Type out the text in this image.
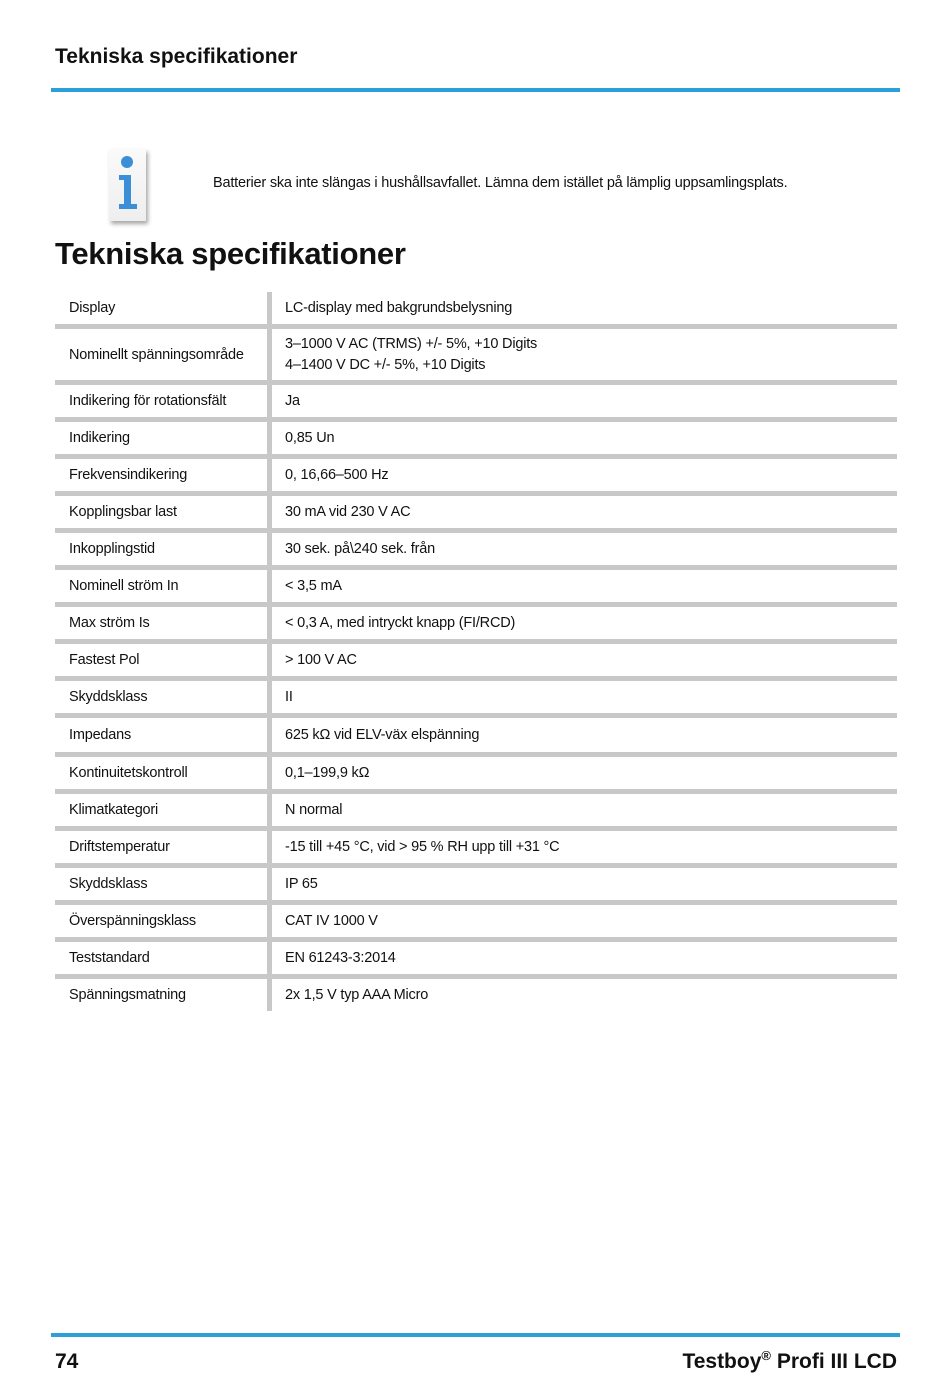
Tekniska specifikationer
Batterier ska inte slängas i hushållsavfallet. Lämna dem istället på lämplig uppsamlingsplats.
Tekniska specifikationer
Display		LC-display med bakgrundsbelysning

Nominellt spänningsområde		3–1000 V AC (TRMS) +/- 5%, +10 Digits
4–1400 V DC +/- 5%, +10 Digits

Indikering för rotationsfält		Ja

Indikering		0,85 Un

Frekvensindikering		0, 16,66–500 Hz

Kopplingsbar last		30 mA vid 230 V AC

Inkopplingstid		30 sek. på\240 sek. från

Nominell ström In		< 3,5 mA

Max ström Is		< 0,3 A, med intryckt knapp (FI/RCD)

Fastest Pol		> 100 V AC

Skyddsklass		II

Impedans		625 kΩ vid ELV-väx elspänning

Kontinuitetskontroll		0,1–199,9 kΩ

Klimatkategori		N normal

Driftstemperatur		-15 till +45 °C, vid > 95 % RH upp till +31 °C

Skyddsklass		IP 65

Överspänningsklass		CAT IV 1000 V

Teststandard		EN 61243-3:2014

Spänningsmatning		2x 1,5 V typ AAA Micro
74	Testboy® Profi III LCD
